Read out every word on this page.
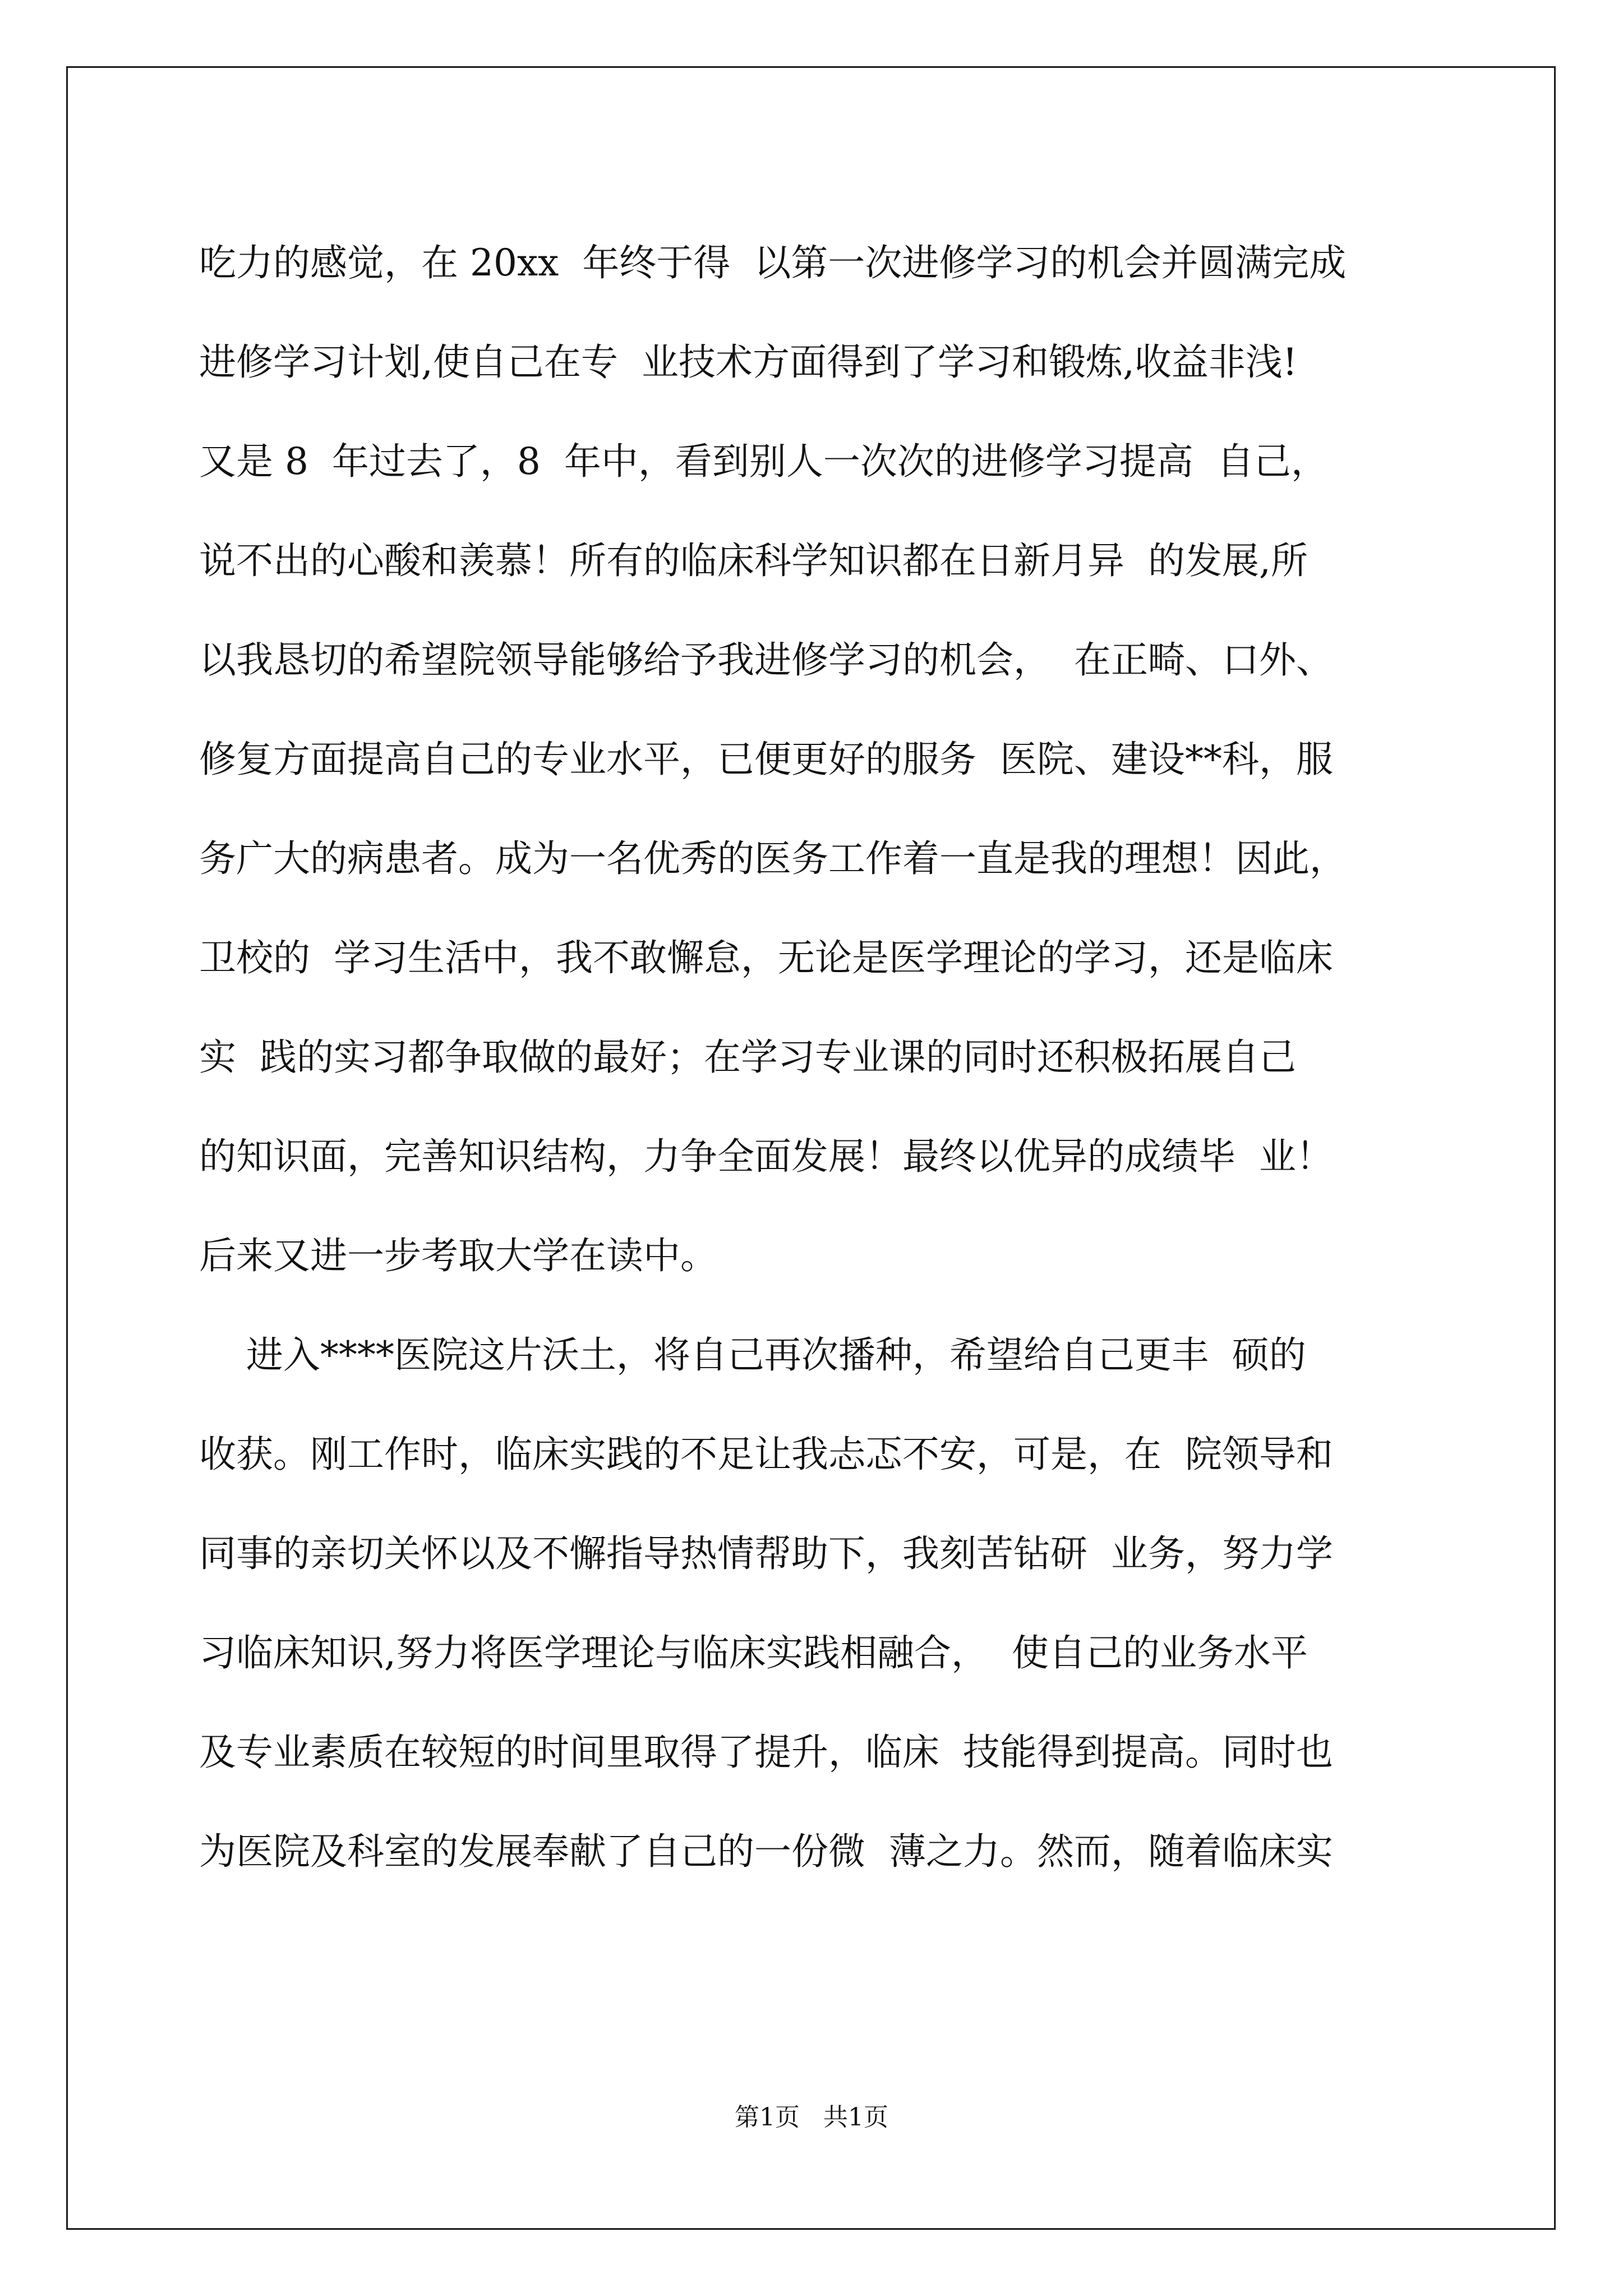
吃力的感觉，在 20xx  年终于得  以第一次进修学习的机会并圆满完成
进修学习计划,使自己在专  业技术方面得到了学习和锻炼,收益非浅!
又是 8  年过去了，8  年中，看到别人一次次的进修学习提高  自己，
说不出的心酸和羡慕！所有的临床科学知识都在日新月异  的发展,所
以我恳切的希望院领导能够给予我进修学习的机会，  在正畸、口外、
修复方面提高自己的专业水平，已便更好的服务  医院、建设**科，服
务广大的病患者。成为一名优秀的医务工作着一直是我的理想！因此，
卫校的  学习生活中，我不敢懈怠，无论是医学理论的学习，还是临床
实  践的实习都争取做的最好；在学习专业课的同时还积极拓展自己
的知识面，完善知识结构，力争全面发展！最终以优异的成绩毕  业！
后来又进一步考取大学在读中。
进入****医院这片沃土，将自己再次播种，希望给自己更丰  硕的
收获。刚工作时，临床实践的不足让我忐忑不安，可是，在  院领导和
同事的亲切关怀以及不懈指导热情帮助下，我刻苦钻研  业务，努力学
习临床知识,努力将医学理论与临床实践相融合，  使自己的业务水平
及专业素质在较短的时间里取得了提升，临床  技能得到提高。同时也
为医院及科室的发展奉献了自己的一份微  薄之力。然而，随着临床实
第1页   共1页
